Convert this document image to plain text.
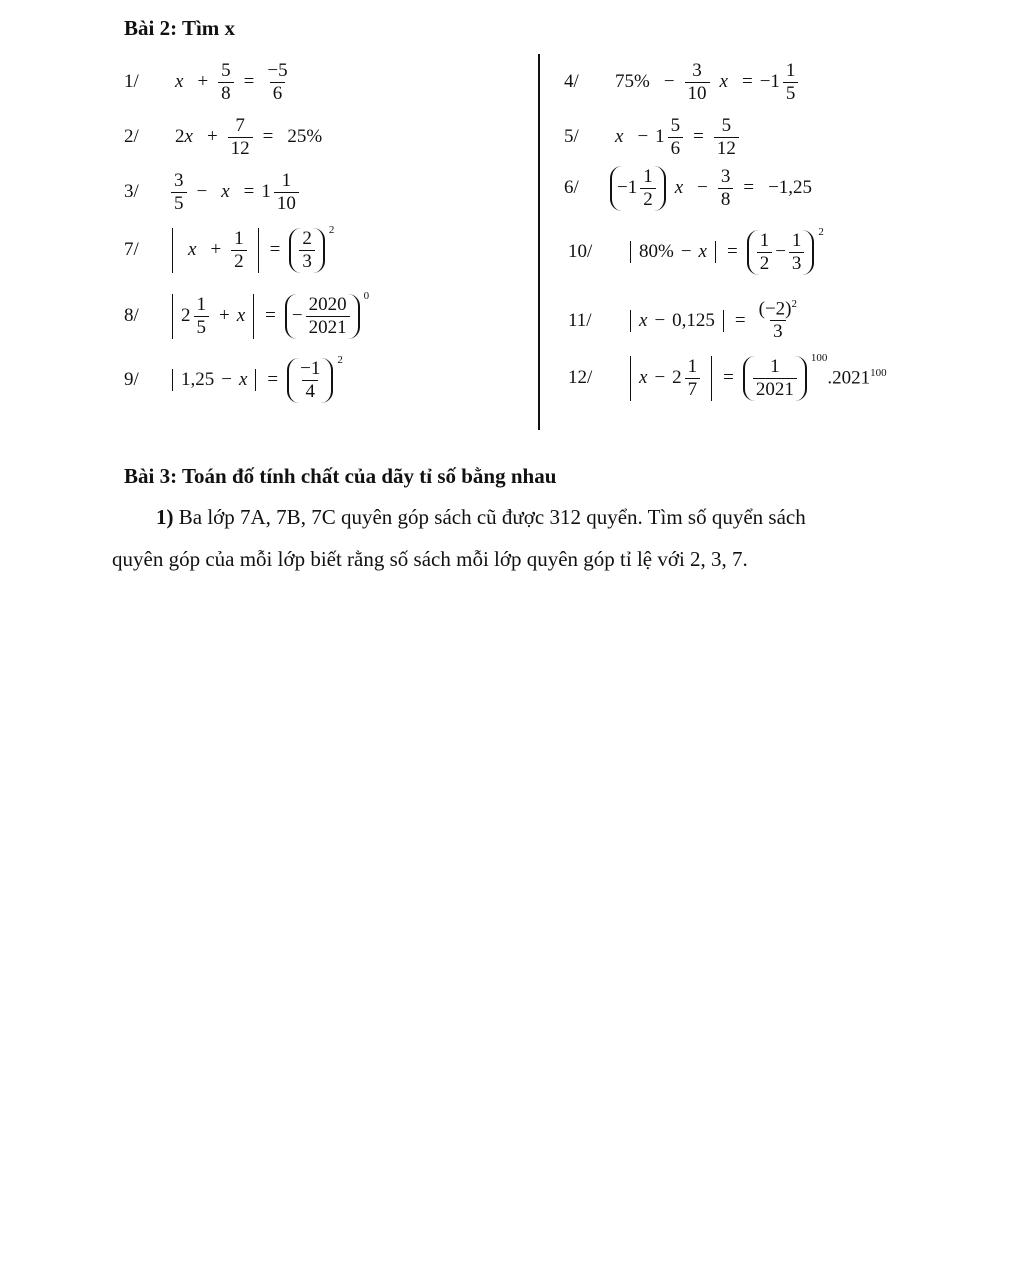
Bài 2: Tìm x
1/	$x + \frac{5}{8} = \frac{-5}{6}$
2/	$2x + \frac{7}{12} = 25\%$
3/	$\frac{3}{5} - x = 1 \frac{1}{10}$
7/	$x + \frac{1}{2} = \frac{2}{3} 2$
8/	$2 \frac{1}{5} + x$ = − $\frac{2020}{2021} 0$
9/	$1,25 - x = \frac{-1}{4} 2$
4/	$75\% - \frac{3}{10}$ $x = -1 \frac{1}{5}$
5/	$x - 1 \frac{5}{6} = \frac{5}{12}$
6/	$-1 \frac{1}{2}$ $x - \frac{3}{8} = -1,25$
10/	$80\% - x = \frac{1}{2} - \frac{1}{3} 2$
11/	$x - 0,125 = \frac{(-2)^2}{3}$
12/	$x - 2 \frac{1}{7} = \frac{1}{2021} 100$
.2021$^{100}$
Bài 3: Toán đố tính chất của dãy tỉ số bằng nhau
1) Ba lớp 7A, 7B, 7C quyên góp sách cũ được 312 quyển. Tìm số quyển sách
quyên góp của mỗi lớp biết rằng số sách mỗi lớp quyên góp tỉ lệ với 2, 3, 7.
